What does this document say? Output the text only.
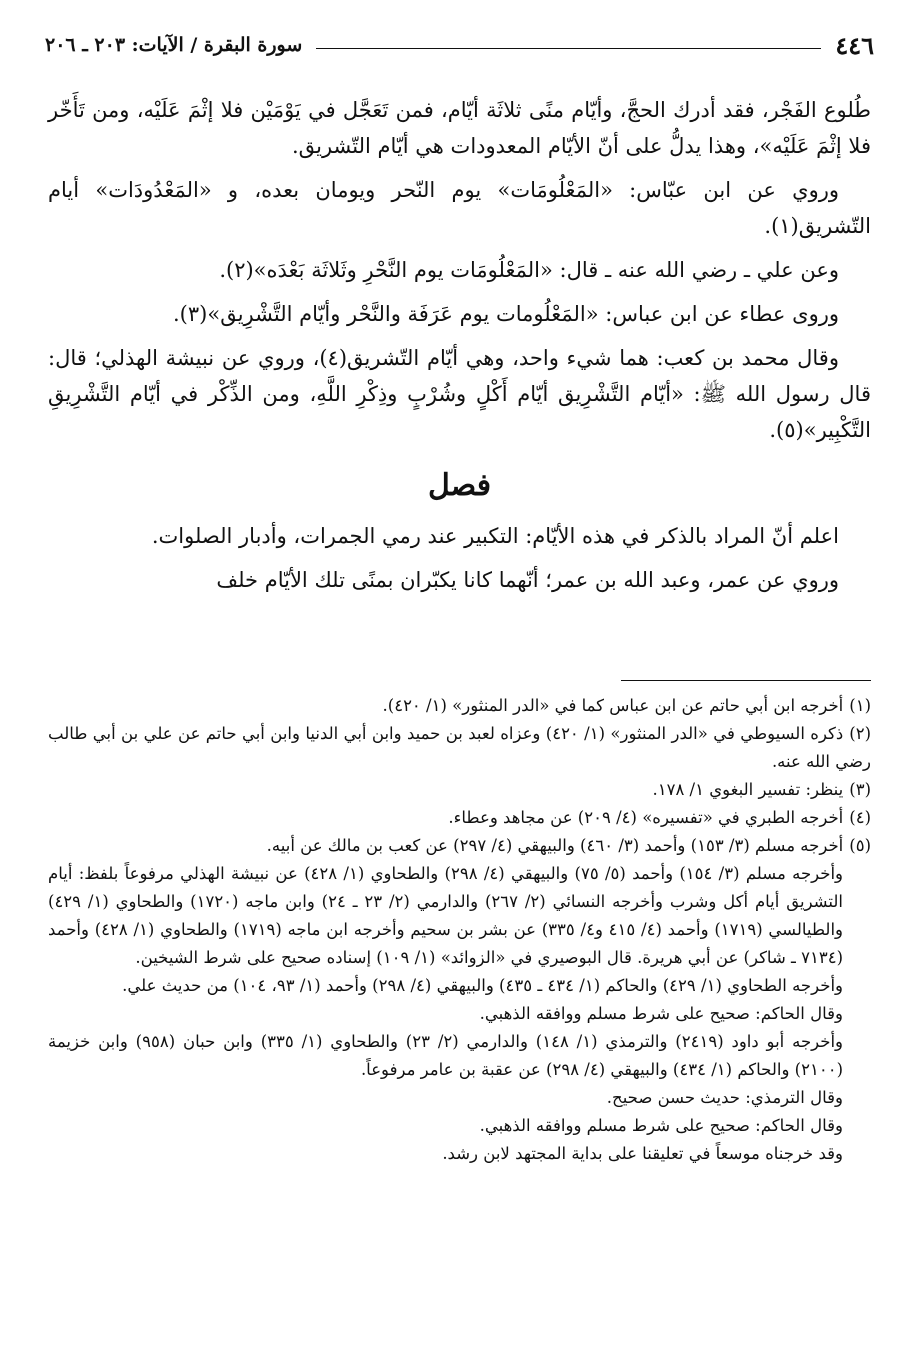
٤٤٦
سورة البقرة / الآيات: ٢٠٣ ـ ٢٠٦

طُلوع الفَجْر، فقد أدرك الحجَّ، وأيّام منًى ثلاثَة أيّام، فمن تَعَجَّل في يَوْمَيْن فلا إثْمَ عَلَيْه، ومن تَأَخّر فلا إثْمَ عَلَيْه»، وهذا يدلُّ على أنّ الأيّام المعدودات هي أيّام التّشريق.

وروي عن ابن عبّاس: «المَعْلُومَات» يوم النّحر ويومان بعده، و «المَعْدُودَات» أيام التّشريق(١).

وعن علي ـ رضي الله عنه ـ قال: «المَعْلُومَات يوم النَّحْرِ وثَلاثَة بَعْدَه»(٢).

وروى عطاء عن ابن عباس: «المَعْلُومات يوم عَرَفَة والنَّحْر وأيّام التَّشْرِيق»(٣).

وقال محمد بن كعب: هما شيء واحد، وهي أيّام التّشريق(٤)، وروي عن نبيشة الهذلي؛ قال: قال رسول الله ﷺ: «أيّام التَّشْرِيق أيّام أَكْلٍ وشُرْبٍ وذِكْرِ اللَّهِ، ومن الذِّكْر في أيّام التَّشْرِيقِ التَّكْبِير»(٥).

فصل

اعلم أنّ المراد بالذكر في هذه الأيّام: التكبير عند رمي الجمرات، وأدبار الصلوات.

وروي عن عمر، وعبد الله بن عمر؛ أنّهما كانا يكبّران بمنًى تلك الأيّام خلف

(١)أخرجه ابن أبي حاتم عن ابن عباس كما في «الدر المنثور» (١/ ٤٢٠).

(٢)ذكره السيوطي في «الدر المنثور» (١/ ٤٢٠) وعزاه لعبد بن حميد وابن أبي الدنيا وابن أبي حاتم عن علي بن أبي طالب رضي الله عنه.

(٣)ينظر: تفسير البغوي ١/ ١٧٨.

(٤)أخرجه الطبري في «تفسيره» (٤/ ٢٠٩) عن مجاهد وعطاء.

(٥)أخرجه مسلم (٣/ ١٥٣) وأحمد (٣/ ٤٦٠) والبيهقي (٤/ ٢٩٧) عن كعب بن مالك عن أبيه.

وأخرجه مسلم (٣/ ١٥٤) وأحمد (٥/ ٧٥) والبيهقي (٤/ ٢٩٨) والطحاوي (١/ ٤٢٨) عن نبيشة الهذلي مرفوعاً بلفظ: أيام التشريق أيام أكل وشرب وأخرجه النسائي (٢/ ٢٦٧) والدارمي (٢/ ٢٣ ـ ٢٤) وابن ماجه (١٧٢٠) والطحاوي (١/ ٤٢٩) والطيالسي (١٧١٩) وأحمد (٤/ ٤١٥ و٤/ ٣٣٥) عن بشر بن سحيم وأخرجه ابن ماجه (١٧١٩) والطحاوي (١/ ٤٢٨) وأحمد (٧١٣٤ ـ شاكر) عن أبي هريرة. قال البوصيري في «الزوائد» (١/ ١٠٩) إسناده صحيح على شرط الشيخين.

وأخرجه الطحاوي (١/ ٤٢٩) والحاكم (١/ ٤٣٤ ـ ٤٣٥) والبيهقي (٤/ ٢٩٨) وأحمد (١/ ٩٣، ١٠٤) من حديث علي.

وقال الحاكم: صحيح على شرط مسلم ووافقه الذهبي.

وأخرجه أبو داود (٢٤١٩) والترمذي (١/ ١٤٨) والدارمي (٢/ ٢٣) والطحاوي (١/ ٣٣٥) وابن حبان (٩٥٨) وابن خزيمة (٢١٠٠) والحاكم (١/ ٤٣٤) والبيهقي (٤/ ٢٩٨) عن عقبة بن عامر مرفوعاً.

وقال الترمذي: حديث حسن صحيح.

وقال الحاكم: صحيح على شرط مسلم ووافقه الذهبي.

وقد خرجناه موسعاً في تعليقنا على بداية المجتهد لابن رشد.
